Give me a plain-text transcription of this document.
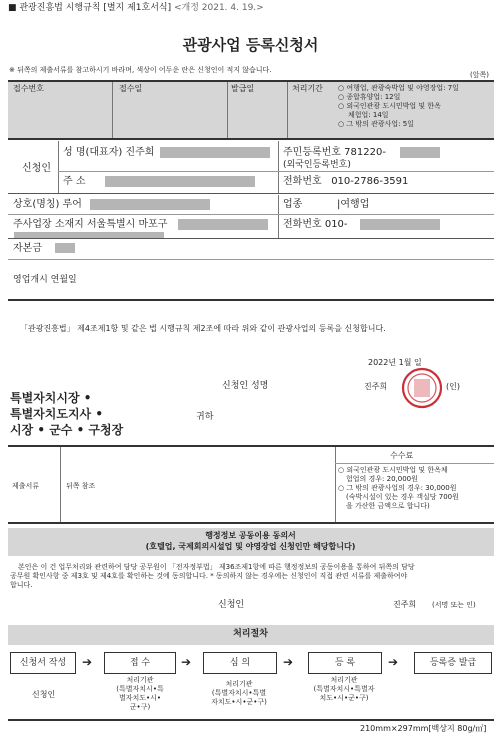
■ 관광진흥법 시행규칙 [별지 제1호서식] <개정 2021. 4. 19.>
관광사업 등록신청서
※ 뒤쪽의 제출서류를 참고하시기 바라며, 색상이 어두운 란은 신청인이 적지 않습니다.
(앞쪽)
접수번호	접수일	발급일	처리기간 ○ 여행업, 관광숙박업 및 야영장업: 7일
○ 종합휴양업: 12일
○ 외국인관광 도시민박업 및 한옥
체험업: 14일
○ 그 밖의 관광사업: 5일
신청인
성 명(대표자) 진주희	주민등록번호 781220-
(외국인등록번호)
주 소	전화번호 010-2786-3591
상호(명칭) 루어	업종	|여행업
주사업장 소재지 서울특별시 마포구	전화번호 010-
자본금
영업개시 연월일
「관광진흥법」 제4조제1항 및 같은 법 시행규칙 제2조에 따라 위와 같이 관광사업의 등록을 신청합니다.
2022년 1월 일
신청인 성명	진주희	(인)
특별자치시장 •
특별자치도지사 •
시장 • 군수 • 구청장
귀하
제출서류	뒤쪽 참조
수수료
○ 외국인관광 도시민박업 및 한옥체
험업의 경우: 20,000원
○ 그 밖의 관광사업의 경우: 30,000원
(숙박시설이 있는 경우 객실당 700원
을 가산한 금액으로 합니다)
행정정보 공동이용 동의서
(호텔업, 국제회의시설업 및 야영장업 신청인만 해당합니다)
본인은 이 건 업무처리와 관련하여 담당 공무원이 「전자정부법」 제36조제1항에 따른 행정정보의 공동이용을 통하여 뒤쪽의 담당
공무원 확인사항 중 제3호 및 제4호를 확인하는 것에 동의합니다. * 동의하지 않는 경우에는 신청인이 직접 관련 서류를 제출하여야
합니다.
신청인	진주희 (서명 또는 인)
처리절차
신청서 작성	➔	접 수	➔	심 의	➔	등 록	➔	등록증 발급
신청인
처리기관
(특별자치시•특
별자치도•시•
군•구)
처리기관
(특별자치시•특별
자치도•시•군•구)
처리기관
(특별자치시•특별자
치도•시•군•구)
210mm×297mm[백상지 80g/㎡]
